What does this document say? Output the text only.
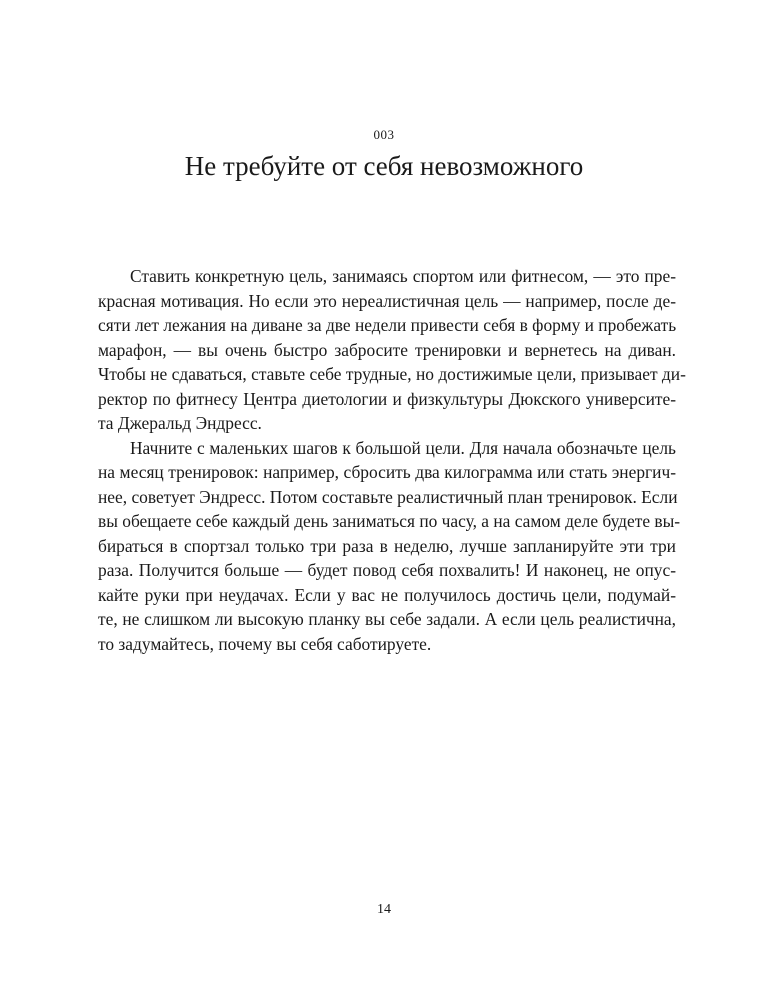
003
Не требуйте от себя невозможного
Ставить конкретную цель, занимаясь спортом или фитнесом, — это пре-
красная мотивация. Но если это нереалистичная цель — например, после де-
сяти лет лежания на диване за две недели привести себя в форму и пробежать
марафон, — вы очень быстро забросите тренировки и вернетесь на диван.
Чтобы не сдаваться, ставьте себе трудные, но достижимые цели, призывает ди-
ректор по фитнесу Центра диетологии и физкультуры Дюкского университе-
та Джеральд Эндресс.
Начните с маленьких шагов к большой цели. Для начала обозначьте цель
на месяц тренировок: например, сбросить два килограмма или стать энергич-
нее, советует Эндресс. Потом составьте реалистичный план тренировок. Если
вы обещаете себе каждый день заниматься по часу, а на самом деле будете вы-
бираться в спортзал только три раза в неделю, лучше запланируйте эти три
раза. Получится больше — будет повод себя похвалить! И наконец, не опус-
кайте руки при неудачах. Если у вас не получилось достичь цели, подумай-
те, не слишком ли высокую планку вы себе задали. А если цель реалистична,
то задумайтесь, почему вы себя саботируете.
14
